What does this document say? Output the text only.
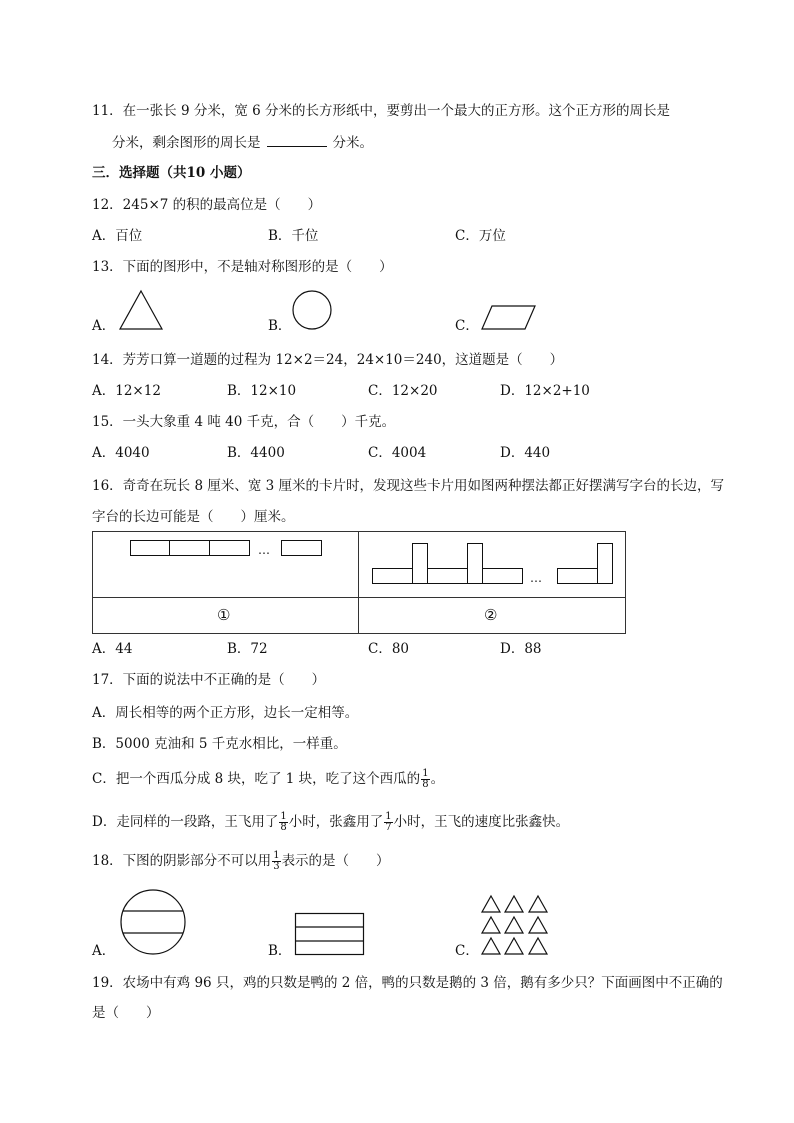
11．在一张长 9 分米，宽 6 分米的长方形纸中，要剪出一个最大的正方形。这个正方形的周长是
分米，剩余图形的周长是	分米。
三．选择题（共10 小题）
12．245×7 的积的最高位是（　　）
A．百位	B．千位	C．万位
13．下面的图形中，不是轴对称图形的是（　　）
A．	B．	C．
14．芳芳口算一道题的过程为 12×2＝24，24×10＝240，这道题是（　　）
A．12×12	B．12×10	C．12×20	D．12×2+10
15．一头大象重 4 吨 40 千克，合（　　）千克。
A．4040	B．4400	C．4004	D．440
16．奇奇在玩长 8 厘米、宽 3 厘米的卡片时，发现这些卡片用如图两种摆法都正好摆满写字台的长边，写
字台的长边可能是（　　）厘米。
…
…
①	②
A．44	B．72	C．80	D．88
17．下面的说法中不正确的是（　　）
A．周长相等的两个正方形，边长一定相等。
B．5000 克油和 5 千克水相比，一样重。
C．把一个西瓜分成 8 块，吃了 1 块，吃了这个西瓜的 $\frac{1}{8}$ 。
D．走同样的一段路，王飞用了 $\frac{1}{8}$ 小时，张鑫用了 $\frac{1}{7}$ 小时，王飞的速度比张鑫快。
18．下图的阴影部分不可以用 $\frac{1}{3}$ 表示的是（　　）
A．	B．	C．
19．农场中有鸡 96 只，鸡的只数是鸭的 2 倍，鸭的只数是鹅的 3 倍，鹅有多少只？下面画图中不正确的
是（　　）
